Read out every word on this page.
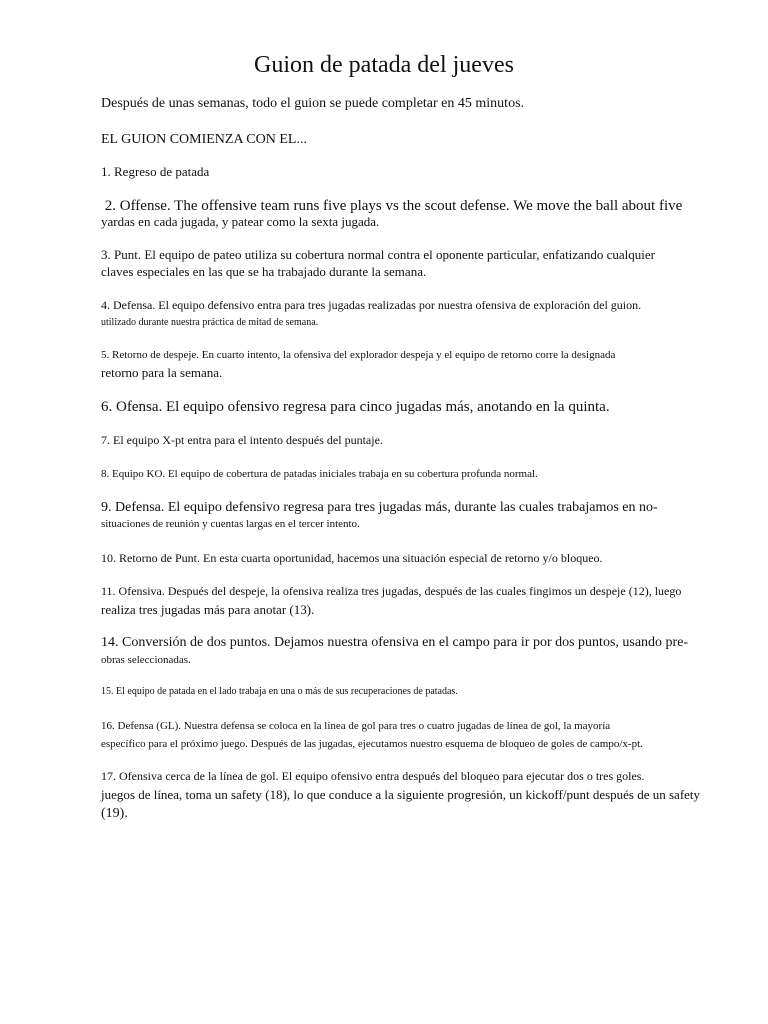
Guion de patada del jueves

Después de unas semanas, todo el guion se puede completar en 45 minutos.

EL GUION COMIENZA CON EL...

1. Regreso de patada

2. Offense. The offensive team runs five plays vs the scout defense. We move the ball about five

yardas en cada jugada, y patear como la sexta jugada.

3. Punt. El equipo de pateo utiliza su cobertura normal contra el oponente particular, enfatizando cualquier

claves especiales en las que se ha trabajado durante la semana.

4. Defensa. El equipo defensivo entra para tres jugadas realizadas por nuestra ofensiva de exploración del guion.

utilizado durante nuestra práctica de mitad de semana.

5. Retorno de despeje. En cuarto intento, la ofensiva del explorador despeja y el equipo de retorno corre la designada

retorno para la semana.

6. Ofensa. El equipo ofensivo regresa para cinco jugadas más, anotando en la quinta.

7. El equipo X-pt entra para el intento después del puntaje.

8. Equipo KO. El equipo de cobertura de patadas iniciales trabaja en su cobertura profunda normal.

9. Defensa. El equipo defensivo regresa para tres jugadas más, durante las cuales trabajamos en no-

situaciones de reunión y cuentas largas en el tercer intento.

10. Retorno de Punt. En esta cuarta oportunidad, hacemos una situación especial de retorno y/o bloqueo.

11. Ofensiva. Después del despeje, la ofensiva realiza tres jugadas, después de las cuales fingimos un despeje (12), luego

realiza tres jugadas más para anotar (13).

14. Conversión de dos puntos. Dejamos nuestra ofensiva en el campo para ir por dos puntos, usando pre-

obras seleccionadas.

15. El equipo de patada en el lado trabaja en una o más de sus recuperaciones de patadas.

16. Defensa (GL). Nuestra defensa se coloca en la línea de gol para tres o cuatro jugadas de línea de gol, la mayoría

específico para el próximo juego. Después de las jugadas, ejecutamos nuestro esquema de bloqueo de goles de campo/x-pt.

17. Ofensiva cerca de la línea de gol. El equipo ofensivo entra después del bloqueo para ejecutar dos o tres goles.

juegos de línea, toma un safety (18), lo que conduce a la siguiente progresión, un kickoff/punt después de un safety

(19).
